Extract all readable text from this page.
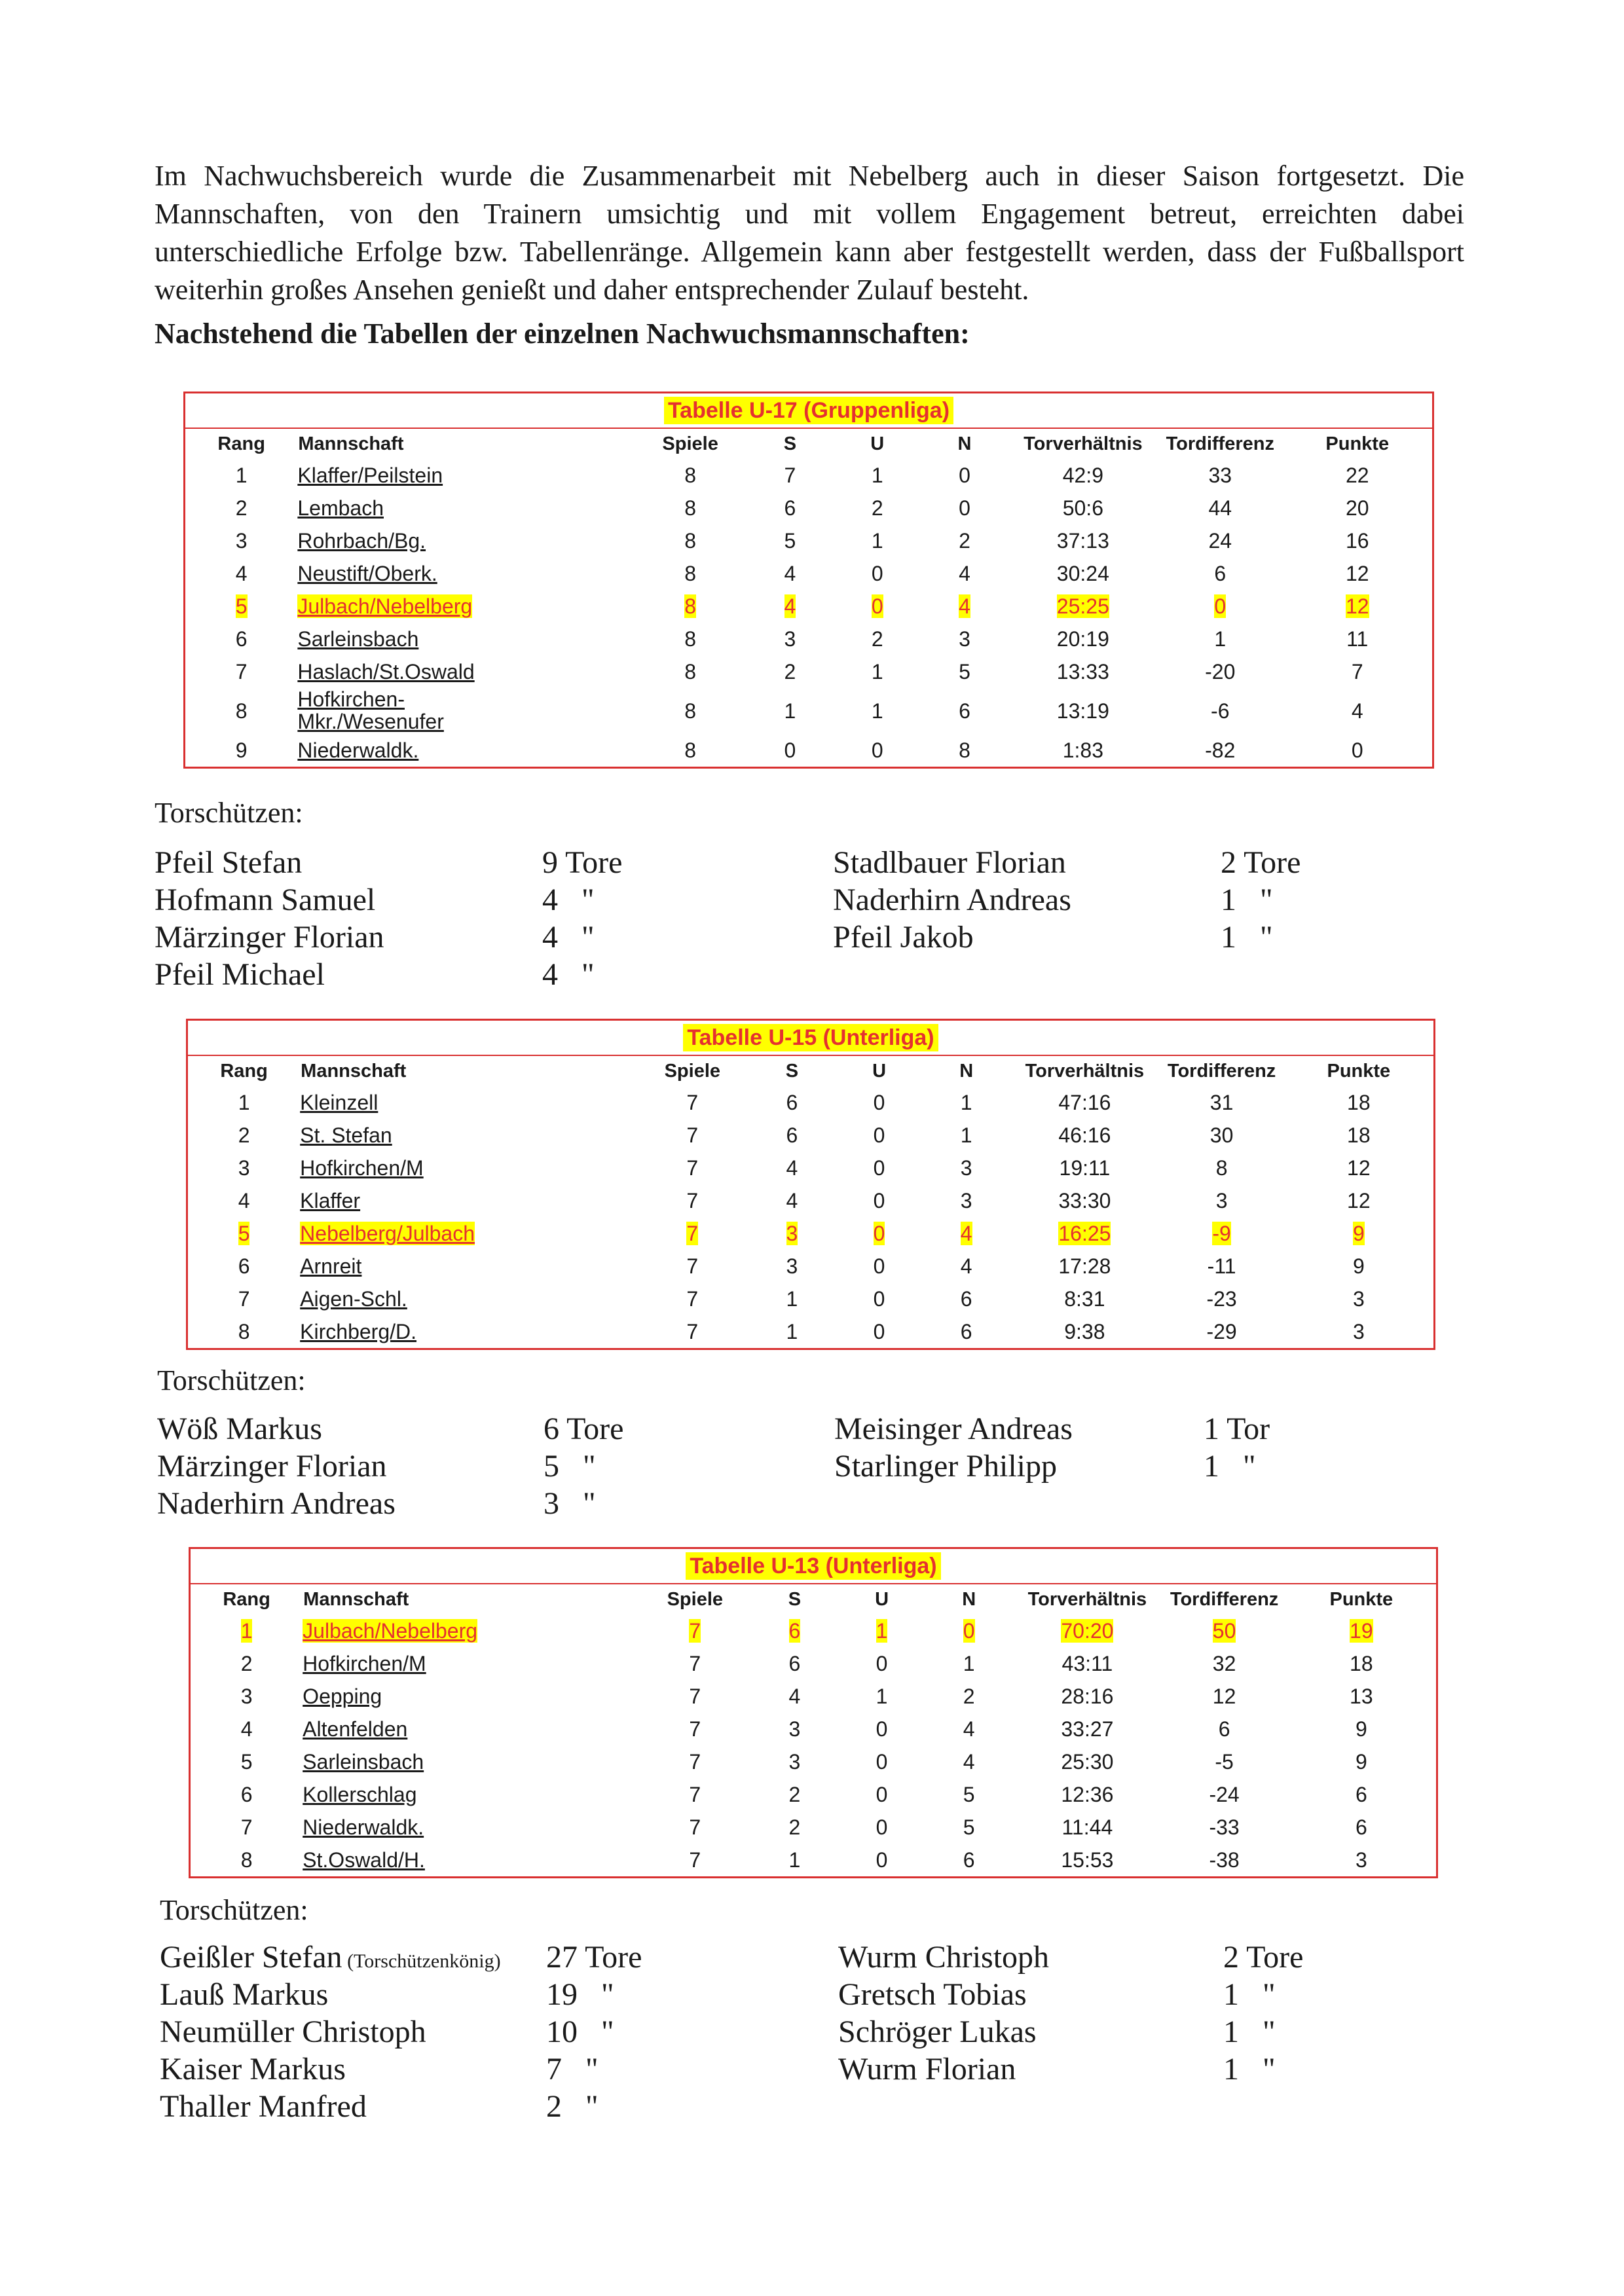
Im Nachwuchsbereich wurde die Zusammenarbeit mit Nebelberg auch in dieser Saison fortgesetzt. Die Mannschaften, von den Trainern umsichtig und mit vollem Engagement betreut, erreichten dabei unterschiedliche Erfolge bzw. Tabellenränge. Allgemein kann aber festgestellt werden, dass der Fußballsport weiterhin großes Ansehen genießt und daher entsprechender Zulauf besteht.

Nachstehend die Tabellen der einzelnen Nachwuchsmannschaften:
Tabelle U-17 (Gruppenliga)
Rang	Mannschaft	Spiele	S	U	N	Torverhältnis	Tordifferenz	Punkte
1	Klaffer/Peilstein	8	7	1	0	42:9	33	22
2	Lembach	8	6	2	0	50:6	44	20
3	Rohrbach/Bg.	8	5	1	2	37:13	24	16
4	Neustift/Oberk.	8	4	0	4	30:24	6	12
5	Julbach/Nebelberg	8	4	0	4	25:25	0	12
6	Sarleinsbach	8	3	2	3	20:19	1	11
7	Haslach/St.Oswald	8	2	1	5	13:33	-20	7
8	Hofkirchen-Mkr./Wesenufer	8	1	1	6	13:19	-6	4
9	Niederwaldk.	8	0	0	8	1:83	-82	0
Tabelle U-15 (Unterliga)
Rang	Mannschaft	Spiele	S	U	N	Torverhältnis	Tordifferenz	Punkte
1	Kleinzell	7	6	0	1	47:16	31	18
2	St. Stefan	7	6	0	1	46:16	30	18
3	Hofkirchen/M	7	4	0	3	19:11	8	12
4	Klaffer	7	4	0	3	33:30	3	12
5	Nebelberg/Julbach	7	3	0	4	16:25	-9	9
6	Arnreit	7	3	0	4	17:28	-11	9
7	Aigen-Schl.	7	1	0	6	8:31	-23	3
8	Kirchberg/D.	7	1	0	6	9:38	-29	3
Tabelle U-13 (Unterliga)
Rang	Mannschaft	Spiele	S	U	N	Torverhältnis	Tordifferenz	Punkte
1	Julbach/Nebelberg	7	6	1	0	70:20	50	19
2	Hofkirchen/M	7	6	0	1	43:11	32	18
3	Oepping	7	4	1	2	28:16	12	13
4	Altenfelden	7	3	0	4	33:27	6	9
5	Sarleinsbach	7	3	0	4	25:30	-5	9
6	Kollerschlag	7	2	0	5	12:36	-24	6
7	Niederwaldk.	7	2	0	5	11:44	-33	6
8	St.Oswald/H.	7	1	0	6	15:53	-38	3
Torschützen:
Pfeil Stefan	9 Tore
Hofmann Samuel	4   "
Märzinger Florian	4   "
Pfeil Michael	4   "
Stadlbauer Florian	2 Tore
Naderhirn Andreas	1   "
Pfeil Jakob	1   "
Torschützen:
Wöß Markus	6 Tore
Märzinger Florian	5   "
Naderhirn Andreas	3   "
Meisinger Andreas	1 Tor
Starlinger Philipp	1   "
Torschützen:
Geißler Stefan (Torschützenkönig) 27 Tore
Lauß Markus	19   "
Neumüller Christoph	10   "
Kaiser Markus	7   "
Thaller Manfred	2   "
Wurm Christoph	2 Tore
Gretsch Tobias	1   "
Schröger Lukas	1   "
Wurm Florian	1   "
